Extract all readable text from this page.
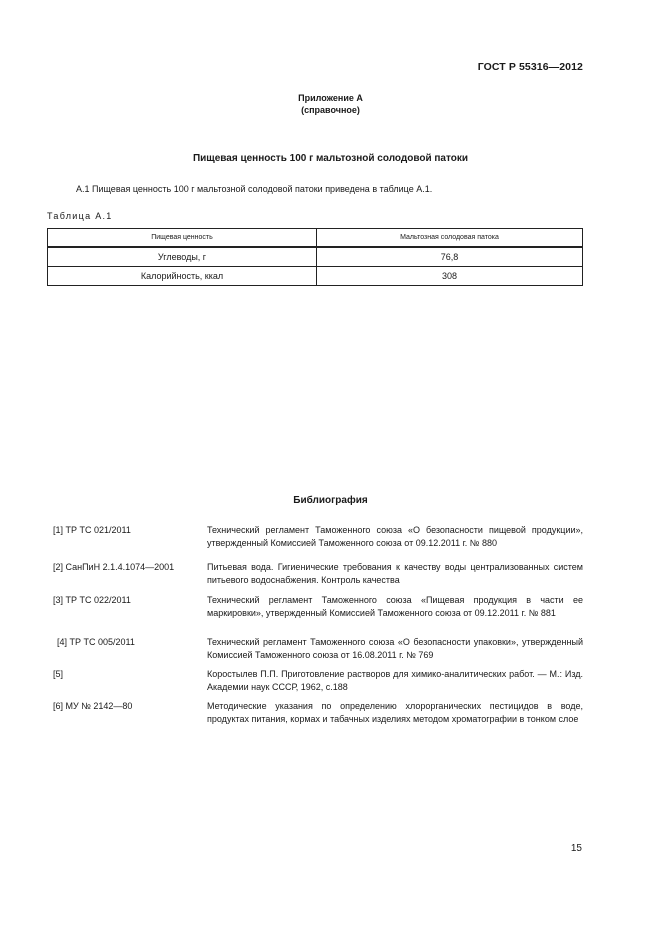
ГОСТ Р 55316—2012
Приложение А
(справочное)
Пищевая ценность 100 г мальтозной солодовой патоки
А.1 Пищевая ценность 100 г мальтозной солодовой патоки приведена в таблице А.1.
Таблица А.1
Пищевая ценность	Мальтозная солодовая патока
Углеводы, г	76,8
Калорийность, ккал	308
Библиография
[1] ТР ТС 021/2011	Технический регламент Таможенного союза «О безопасности пищевой продукции», утвержденный Комиссией Таможенного союза от 09.12.2011 г. № 880
[2] СанПиН 2.1.4.1074—2001	Питьевая вода. Гигиенические требования к качеству воды централизованных систем питьевого водоснабжения. Контроль качества
[3] ТР ТС 022/2011	Технический регламент Таможенного союза «Пищевая продукция в части ее маркировки», утвержденный Комиссией Таможенного союза от 09.12.2011 г. № 881
[4] ТР ТС 005/2011	Технический регламент Таможенного союза «О безопасности упаковки», утвержденный Комиссией Таможенного союза от 16.08.2011 г. № 769
[5]	Коростылев П.П. Приготовление растворов для химико-аналитических работ. — М.: Изд. Академии наук СССР, 1962, с.188
[6] МУ № 2142—80	Методические указания по определению хлорорганических пестицидов в воде, продуктах питания, кормах и табачных изделиях методом хроматографии в тонком слое
15
